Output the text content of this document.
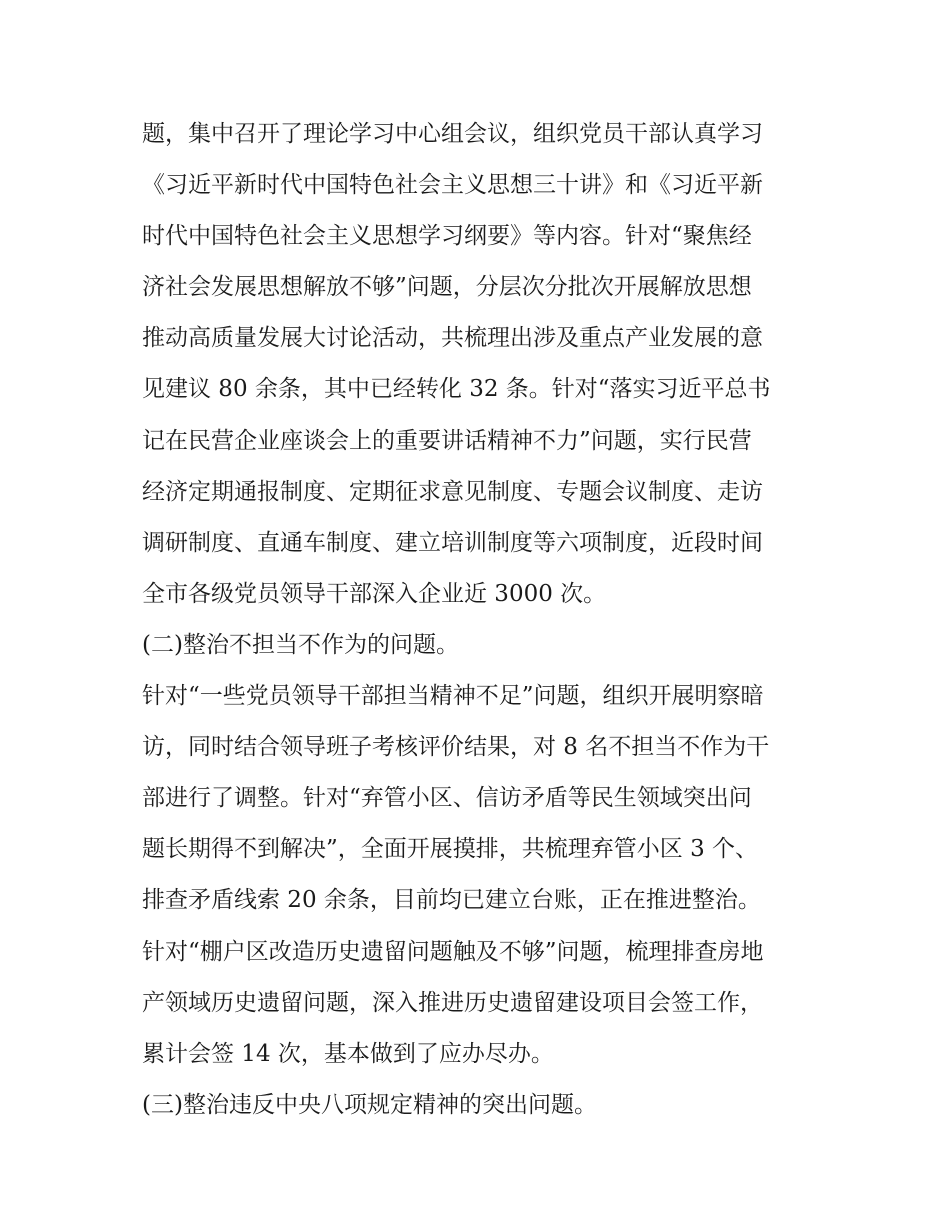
题，集中召开了理论学习中心组会议，组织党员干部认真学习

《习近平新时代中国特色社会主义思想三十讲》和《习近平新

时代中国特色社会主义思想学习纲要》等内容。针对“聚焦经

济社会发展思想解放不够”问题，分层次分批次开展解放思想

推动高质量发展大讨论活动，共梳理出涉及重点产业发展的意

见建议 80 余条，其中已经转化 32 条。针对“落实习近平总书

记在民营企业座谈会上的重要讲话精神不力”问题，实行民营

经济定期通报制度、定期征求意见制度、专题会议制度、走访

调研制度、直通车制度、建立培训制度等六项制度，近段时间

全市各级党员领导干部深入企业近 3000 次。

(二)整治不担当不作为的问题。

针对“一些党员领导干部担当精神不足”问题，组织开展明察暗

访，同时结合领导班子考核评价结果，对 8 名不担当不作为干

部进行了调整。针对“弃管小区、信访矛盾等民生领域突出问

题长期得不到解决”，全面开展摸排，共梳理弃管小区 3 个、

排查矛盾线索 20 余条，目前均已建立台账，正在推进整治。

针对“棚户区改造历史遗留问题触及不够”问题，梳理排查房地

产领域历史遗留问题，深入推进历史遗留建设项目会签工作，

累计会签 14 次，基本做到了应办尽办。

(三)整治违反中央八项规定精神的突出问题。
